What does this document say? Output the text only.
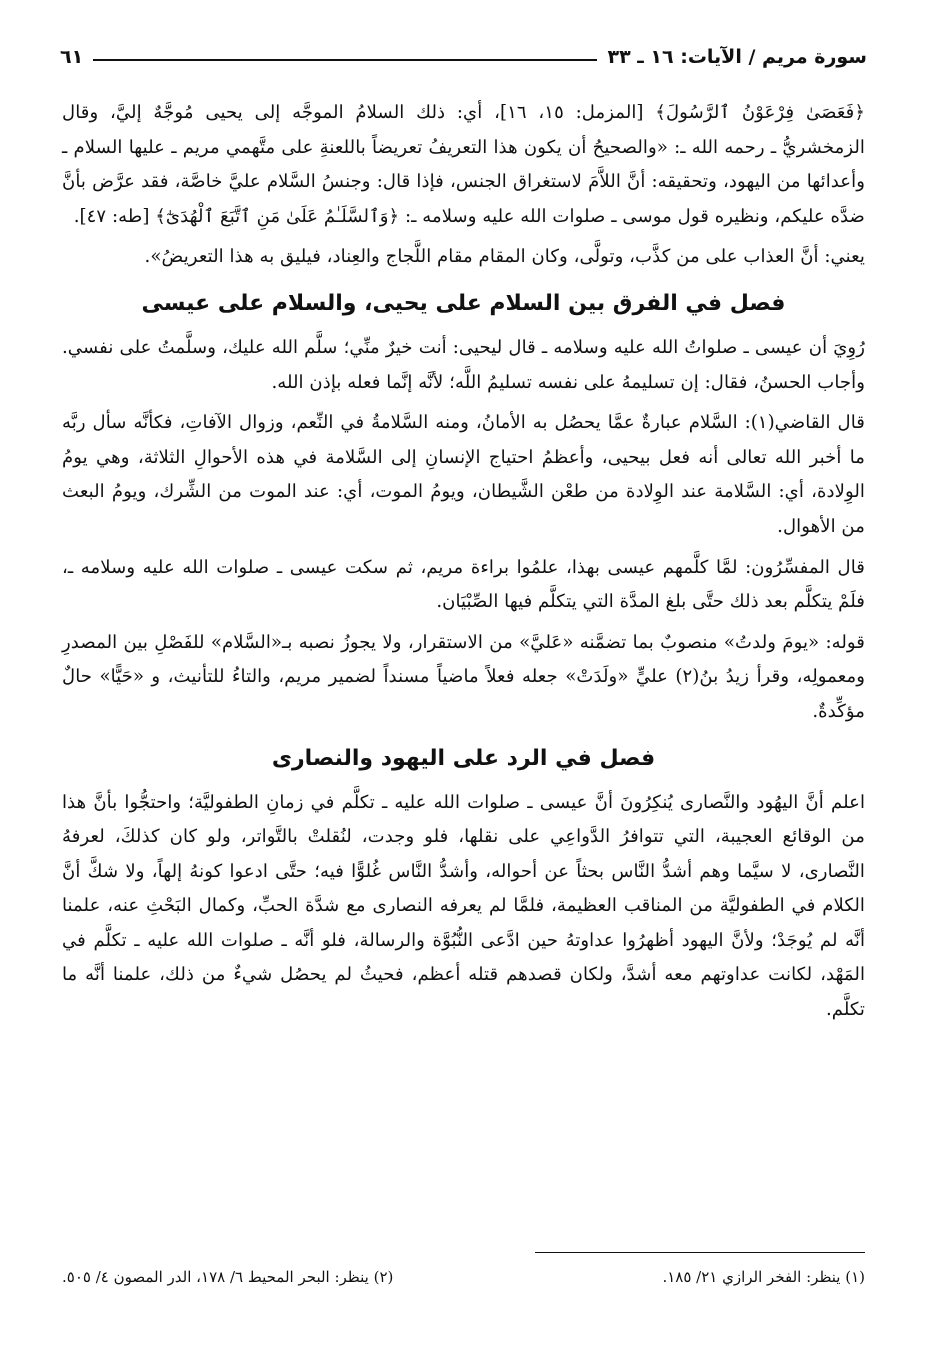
سورة مريم / الآيات: ١٦ ـ ٣٣
٦١

﴿فَعَصَىٰ فِرْعَوْنُ ٱلرَّسُولَ﴾ [المزمل: ١٥، ١٦]، أي: ذلك السلامُ الموجَّه إلى يحيى مُوجَّهٌ إليَّ، وقال الزمخشريُّ ـ رحمه الله ـ: «والصحيحُ أن يكون هذا التعريفُ تعريضاً باللعنةِ على متَّهمي مريم ـ عليها السلام ـ وأعدائها من اليهود، وتحقيقه: أنَّ اللاَّمَ لاستغراق الجنس، فإذا قال: وجنسُ السَّلام عليَّ خاصَّة، فقد عرَّض بأنَّ ضدَّه عليكم، ونظيره قول موسى ـ صلوات الله عليه وسلامه ـ: ﴿وَٱلسَّلَـٰمُ عَلَىٰ مَنِ ٱتَّبَعَ ٱلْهُدَىٰٓ﴾ [طه: ٤٧].

يعني: أنَّ العذاب على من كذَّب، وتولَّى، وكان المقام مقام اللَّجاج والعِناد، فيليق به هذا التعريضُ».

فصل في الفرق بين السلام على يحيى، والسلام على عيسى

رُوِيَ أن عيسى ـ صلواتُ الله عليه وسلامه ـ قال ليحيى: أنت خيرٌ منِّي؛ سلَّم الله عليك، وسلَّمتُ على نفسي. وأجاب الحسنُ، فقال: إن تسليمهُ على نفسه تسليمُ اللَّه؛ لأنَّه إنَّما فعله بإذن الله.

قال القاضي(١): السَّلام عبارةٌ عمَّا يحصُل به الأمانُ، ومنه السَّلامةُ في النِّعم، وزوال الآفاتِ، فكأنَّه سأل ربَّه ما أخبر الله تعالى أنه فعل بيحيى، وأعظمُ احتياج الإنسانِ إلى السَّلامة في هذه الأحوالِ الثلاثة، وهي يومُ الوِلادة، أي: السَّلامة عند الوِلادة من طعْن الشَّيطان، ويومُ الموت، أي: عند الموت من الشِّرك، ويومُ البعث من الأهوال.

قال المفسِّرُون: لمَّا كلَّمهم عيسى بهذا، علمُوا براءة مريم، ثم سكت عيسى ـ صلوات الله عليه وسلامه ـ، فلَمْ يتكلَّم بعد ذلك حتَّى بلغ المدَّة التي يتكلَّم فيها الصِّبْيَان.

قوله: «يومَ ولدتُ» منصوبٌ بما تضمَّنه «عَليَّ» من الاستقرار، ولا يجوزُ نصبه بـ«السَّلام» للفَصْلِ بين المصدرِ ومعمولِه، وقرأ زيدُ بنُ(٢) عليٍّ «ولَدَتْ» جعله فعلاً ماضياً مسنداً لضمير مريم، والتاءُ للتأنيث، و «حَيًّا» حالٌ مؤكِّدةٌ.

فصل في الرد على اليهود والنصارى

اعلم أنَّ اليهُود والنَّصارى يُنكِرُونَ أنَّ عيسى ـ صلوات الله عليه ـ تكلَّم في زمانِ الطفوليَّة؛ واحتجُّوا بأنَّ هذا من الوقائع العجيبة، التي تتوافرُ الدَّواعِي على نقلها، فلو وجدت، لنُقلتْ بالتَّواتر، ولو كان كذلكَ، لعرفهُ النَّصارى، لا سيَّما وهم أشدُّ النَّاس بحثاً عن أحواله، وأشدُّ النَّاس غُلوًّا فيه؛ حتَّى ادعوا كونهُ إلهاً، ولا شكَّ أنَّ الكلام في الطفوليَّة من المناقب العظيمة، فلمَّا لم يعرفه النصارى مع شدَّة الحبِّ، وكمال البَحْثِ عنه، علمنا أنَّه لم يُوجَدْ؛ ولأنَّ اليهود أظهرُوا عداوتهُ حين ادَّعى النُّبُوَّة والرسالة، فلو أنَّه ـ صلوات الله عليه ـ تكلَّم في المَهْد، لكانت عداوتهم معه أشدَّ، ولكان قصدهم قتله أعظم، فحيثُ لم يحصُل شيءٌ من ذلك، علمنا أنَّه ما تكلَّم.

(١) ينظر: الفخر الرازي ٢١/ ١٨٥.
(٢) ينظر: البحر المحيط ٦/ ١٧٨، الدر المصون ٤/ ٥٠٥.
